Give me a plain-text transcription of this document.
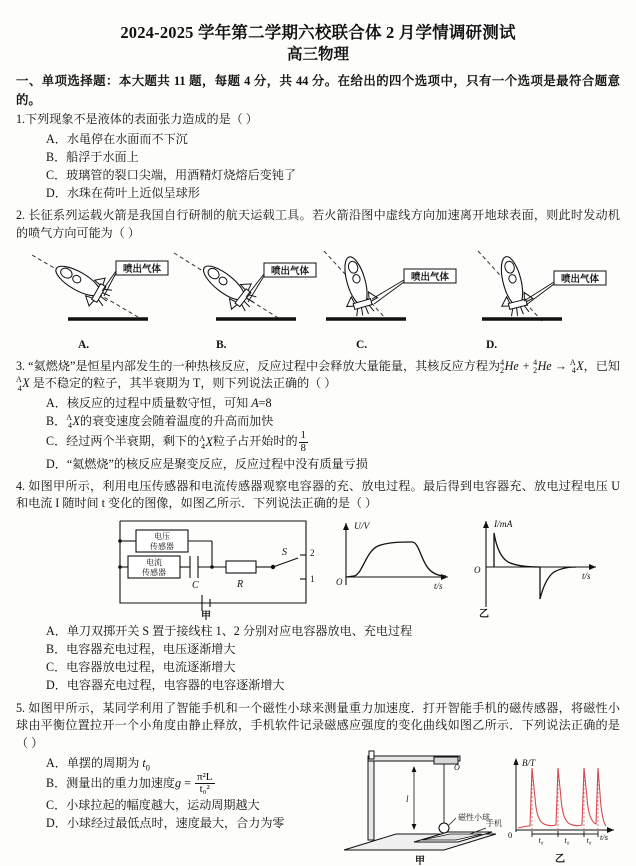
2024-2025 学年第二学期六校联合体 2 月学情调研测试
高三物理
一、单项选择题：本大题共 11 题，每题 4 分，共 44 分。在给出的四个选项中，只有一个选项是最符合题意的。
1.下列现象不是液体的表面张力造成的是（ ）
A．水黾停在水面而不下沉
B．船浮于水面上
C．玻璃管的裂口尖端，用酒精灯烧熔后变钝了
D．水珠在荷叶上近似呈球形
2. 长征系列运载火箭是我国自行研制的航天运载工具。若火箭沿图中虚线方向加速离开地球表面，则此时发动机的喷气方向可能为（ ）
喷出气体	喷出气体
喷出气体	喷出气体
A.	B.	C.	D.
3. “氦燃烧”是恒星内部发生的一种热核反应，反应过程中会释放大量能量，其核反应方程为4
2He + 4
2He → A
4X，已知A
4X 是不稳定的粒子，其半衰期为 T，则下列说法正确的（ ）
A．核反应的过程中质量数守恒，可知 A=8
B．A
4X的衰变速度会随着温度的升高而加快
C．经过两个半衰期，剩下的A
4X粒子占开始时的 $\frac{1}{8}$
D．“氦燃烧”的核反应是聚变反应，反应过程中没有质量亏损
4. 如图甲所示，利用电压传感器和电流传感器观察电容器的充、放电过程。最后得到电容器充、放电过程电压 U 和电流 I 随时间 t 变化的图像，如图乙所示．下列说法正确的是（ ）
电压
传感器
电流
传感器
C	R
S	2
1
甲
U/V
t/s
O
I/mA
t/s
O
乙
A．单刀双掷开关 S 置于接线柱 1、2 分别对应电容器放电、充电过程
B．电容器充电过程，电压逐渐增大
C．电容器放电过程，电流逐渐增大
D．电容器充电过程，电容器的电容逐渐增大
5. 如图甲所示，某同学利用了智能手机和一个磁性小球来测量重力加速度．打开智能手机的磁传感器，将磁性小球由平衡位置拉开一个小角度由静止释放，手机软件记录磁感应强度的变化曲线如图乙所示．下列说法正确的是（ ）
A．单摆的周期为 $t_0$
B．测量出的重力加速度$g = \frac{\text{π²L}}{\text{t₀²}}$
C．小球拉起的幅度越大，运动周期越大
D．小球经过最低点时，速度最大，合力为零
O
l
磁性小球
手机
甲
B/T
0	t/s
t₀	t₀ t₀
乙
